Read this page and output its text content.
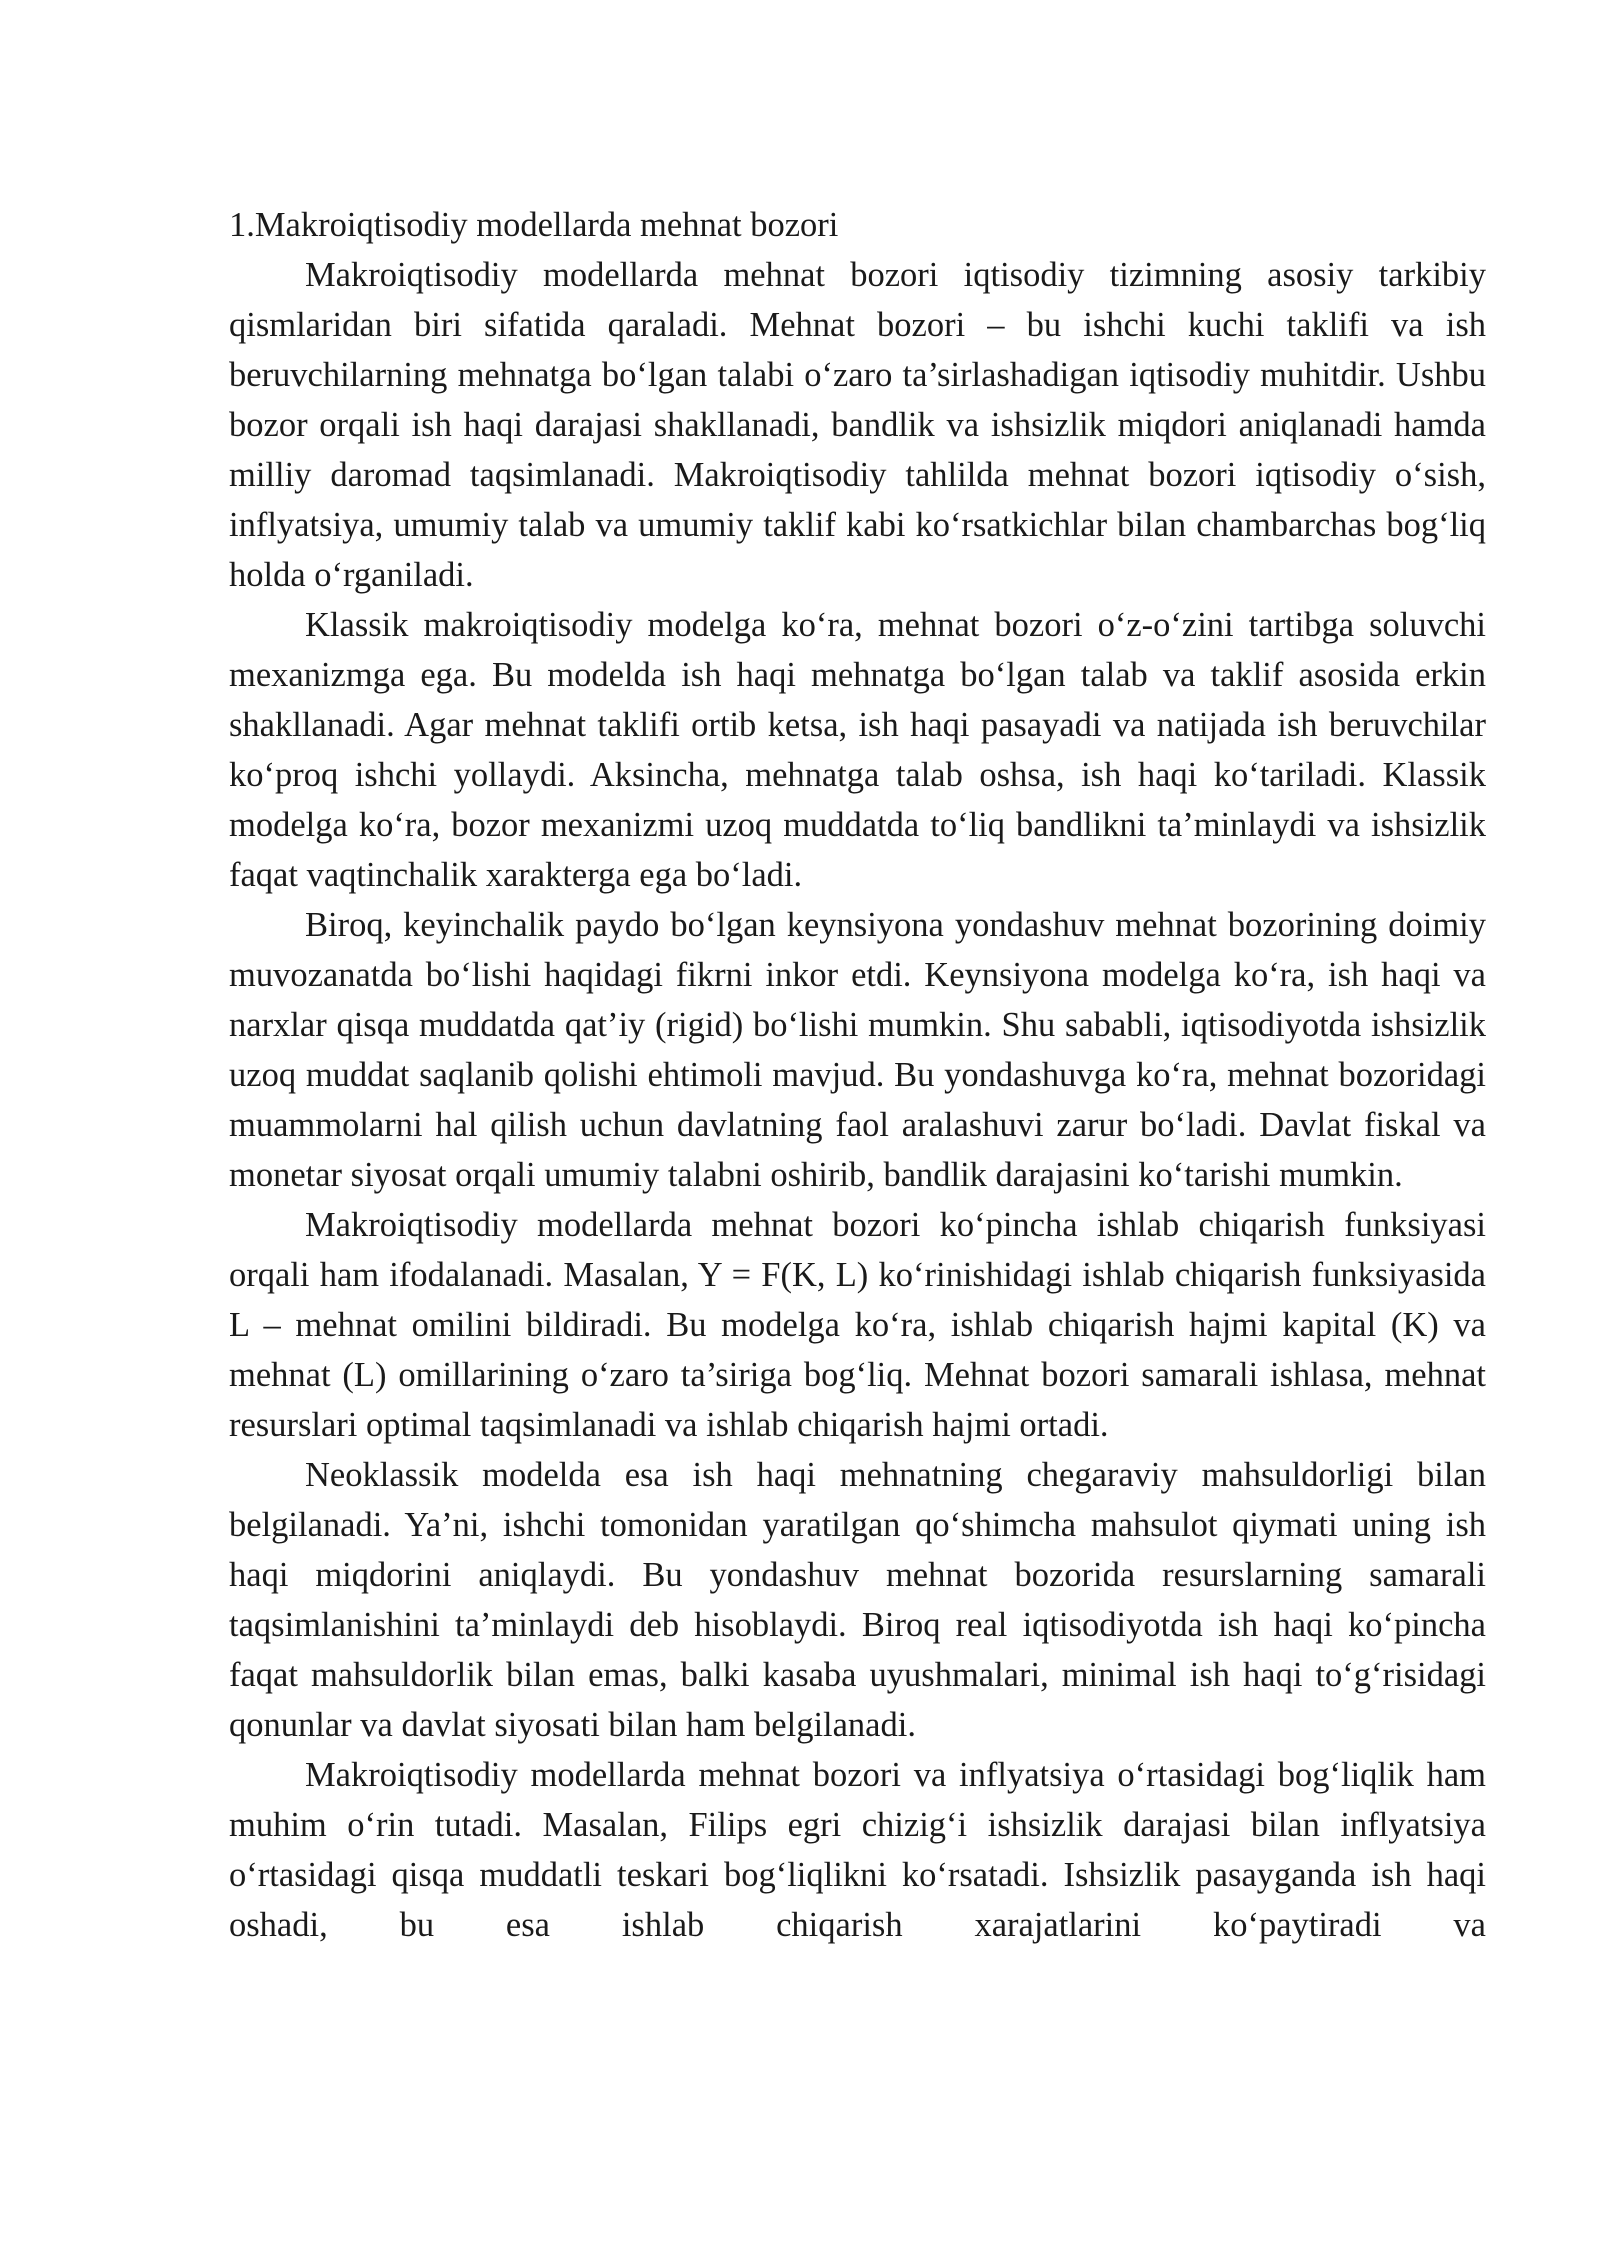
1.Makroiqtisodiy modellarda mehnat bozori

Makroiqtisodiy modellarda mehnat bozori iqtisodiy tizimning asosiy tarkibiy qismlaridan biri sifatida qaraladi. Mehnat bozori – bu ishchi kuchi taklifi va ish beruvchilarning mehnatga bo‘lgan talabi o‘zaro ta’sirlashadigan iqtisodiy muhitdir. Ushbu bozor orqali ish haqi darajasi shakllanadi, bandlik va ishsizlik miqdori aniqlanadi hamda milliy daromad taqsimlanadi. Makroiqtisodiy tahlilda mehnat bozori iqtisodiy o‘sish, inflyatsiya, umumiy talab va umumiy taklif kabi ko‘rsatkichlar bilan chambarchas bog‘liq holda o‘rganiladi.

Klassik makroiqtisodiy modelga ko‘ra, mehnat bozori o‘z-o‘zini tartibga soluvchi mexanizmga ega. Bu modelda ish haqi mehnatga bo‘lgan talab va taklif asosida erkin shakllanadi. Agar mehnat taklifi ortib ketsa, ish haqi pasayadi va natijada ish beruvchilar ko‘proq ishchi yollaydi. Aksincha, mehnatga talab oshsa, ish haqi ko‘tariladi. Klassik modelga ko‘ra, bozor mexanizmi uzoq muddatda to‘liq bandlikni ta’minlaydi va ishsizlik faqat vaqtinchalik xarakterga ega bo‘ladi.

Biroq, keyinchalik paydo bo‘lgan keynsiyona yondashuv mehnat bozorining doimiy muvozanatda bo‘lishi haqidagi fikrni inkor etdi. Keynsiyona modelga ko‘ra, ish haqi va narxlar qisqa muddatda qat’iy (rigid) bo‘lishi mumkin. Shu sababli, iqtisodiyotda ishsizlik uzoq muddat saqlanib qolishi ehtimoli mavjud. Bu yondashuvga ko‘ra, mehnat bozoridagi muammolarni hal qilish uchun davlatning faol aralashuvi zarur bo‘ladi. Davlat fiskal va monetar siyosat orqali umumiy talabni oshirib, bandlik darajasini ko‘tarishi mumkin.

Makroiqtisodiy modellarda mehnat bozori ko‘pincha ishlab chiqarish funksiyasi orqali ham ifodalanadi. Masalan, Y = F(K, L) ko‘rinishidagi ishlab chiqarish funksiyasida L – mehnat omilini bildiradi. Bu modelga ko‘ra, ishlab chiqarish hajmi kapital (K) va mehnat (L) omillarining o‘zaro ta’siriga bog‘liq. Mehnat bozori samarali ishlasa, mehnat resurslari optimal taqsimlanadi va ishlab chiqarish hajmi ortadi.

Neoklassik modelda esa ish haqi mehnatning chegaraviy mahsuldorligi bilan belgilanadi. Ya’ni, ishchi tomonidan yaratilgan qo‘shimcha mahsulot qiymati uning ish haqi miqdorini aniqlaydi. Bu yondashuv mehnat bozorida resurslarning samarali taqsimlanishini ta’minlaydi deb hisoblaydi. Biroq real iqtisodiyotda ish haqi ko‘pincha faqat mahsuldorlik bilan emas, balki kasaba uyushmalari, minimal ish haqi to‘g‘risidagi qonunlar va davlat siyosati bilan ham belgilanadi.

Makroiqtisodiy modellarda mehnat bozori va inflyatsiya o‘rtasidagi bog‘liqlik ham muhim o‘rin tutadi. Masalan, Filips egri chizig‘i ishsizlik darajasi bilan inflyatsiya o‘rtasidagi qisqa muddatli teskari bog‘liqlikni ko‘rsatadi. Ishsizlik pasayganda ish haqi oshadi, bu esa ishlab chiqarish xarajatlarini ko‘paytiradi va
